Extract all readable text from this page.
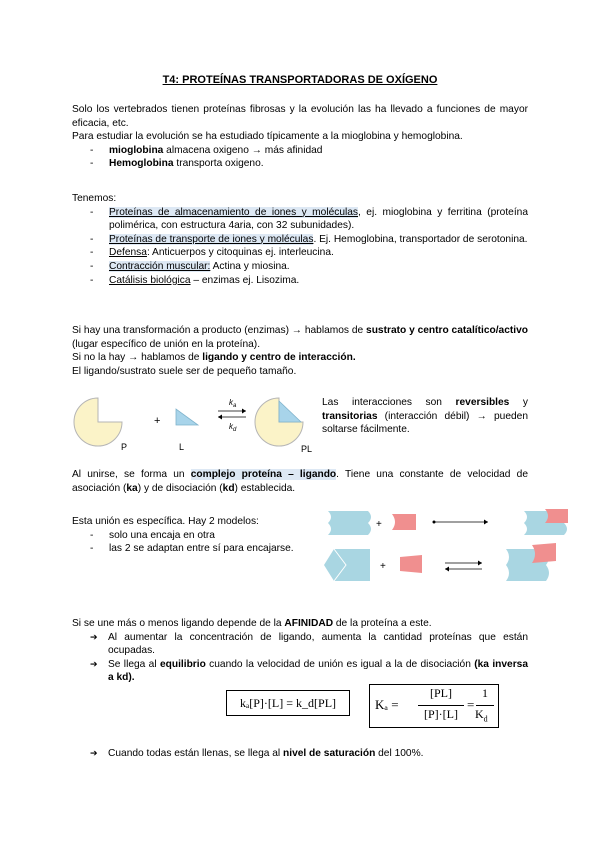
T4: PROTEÍNAS TRANSPORTADORAS DE OXÍGENO

Solo los vertebrados tienen proteínas fibrosas y la evolución las ha llevado a funciones de mayor eficacia, etc.

Para estudiar la evolución se ha estudiado típicamente a la mioglobina y hemoglobina.

- mioglobina almacena oxigeno → más afinidad
- Hemoglobina transporta oxigeno.

Tenemos:

- Proteínas de almacenamiento de iones y moléculas, ej. mioglobina y ferritina (proteína polimérica, con estructura 4aria, con 32 subunidades).
- Proteínas de transporte de iones y moléculas. Ej. Hemoglobina, transportador de serotonina.
- Defensa: Anticuerpos y citoquinas ej. interleucina.
- Contracción muscular: Actina y miosina.
- Catálisis biológica – enzimas ej. Lisozima.

Si hay una transformación a producto (enzimas) → hablamos de sustrato y centro catalítico/activo (lugar específico de unión en la proteína).

Si no la hay → hablamos de ligando y centro de interacción.

El ligando/sustrato suele ser de pequeño tamaño.

P
+
L
$k_a$
$k_d$
PL
Las interacciones son reversibles y transitorias (interacción débil) → pueden soltarse fácilmente.
Al unirse, se forma un complejo proteína – ligando. Tiene una constante de velocidad de asociación (ka) y de disociación (kd) establecida.

Esta unión es específica. Hay 2 modelos:

- solo una encaja en otra
- las 2 se adaptan entre sí para encajarse.
+
+

Si se une más o menos ligando depende de la AFINIDAD de la proteína a este.

➔ Al aumentar la concentración de ligando, aumenta la cantidad proteínas que están ocupadas.
➔ Se llega al equilibrio cuando la velocidad de unión es igual a la de disociación (ka inversa a kd).
kₐ[P]·[L] = k_d[PL]	Kₐ =
[PL]
[P]·[L]
=
1
$K_d$
➔ Cuando todas están llenas, se llega al nivel de saturación del 100%.
